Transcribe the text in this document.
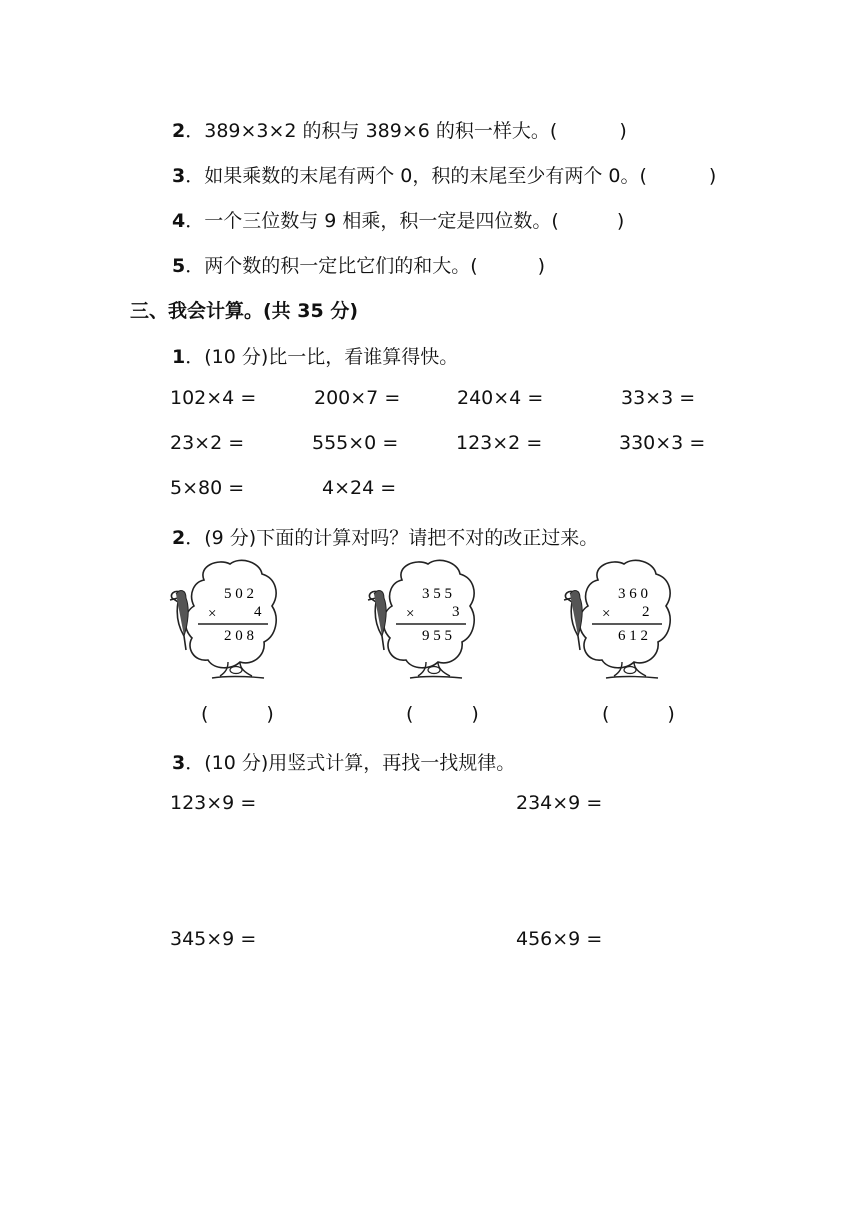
2．389×3×2 的积与 389×6 的积一样大。(	)
3．如果乘数的末尾有两个 0，积的末尾至少有两个 0。(	)
4．一个三位数与 9 相乘，积一定是四位数。(	)
5．两个数的积一定比它们的和大。(	)
三、我会计算。(共 35 分)
1．(10 分)比一比，看谁算得快。
102×4 =	200×7 =	240×4 =	33×3 =
23×2 =	555×0 =	123×2 =	330×3 =
5×80 =	4×24 =
2．(9 分)下面的计算对吗？请把不对的改正过来。
5 0 2
×	4
2 0 8
3 5 5
×	3
9 5 5
3 6 0
× 2
6 1 2
(	)	(	)	(	)
3．(10 分)用竖式计算，再找一找规律。
123×9 =	234×9 =
345×9 =	456×9 =
